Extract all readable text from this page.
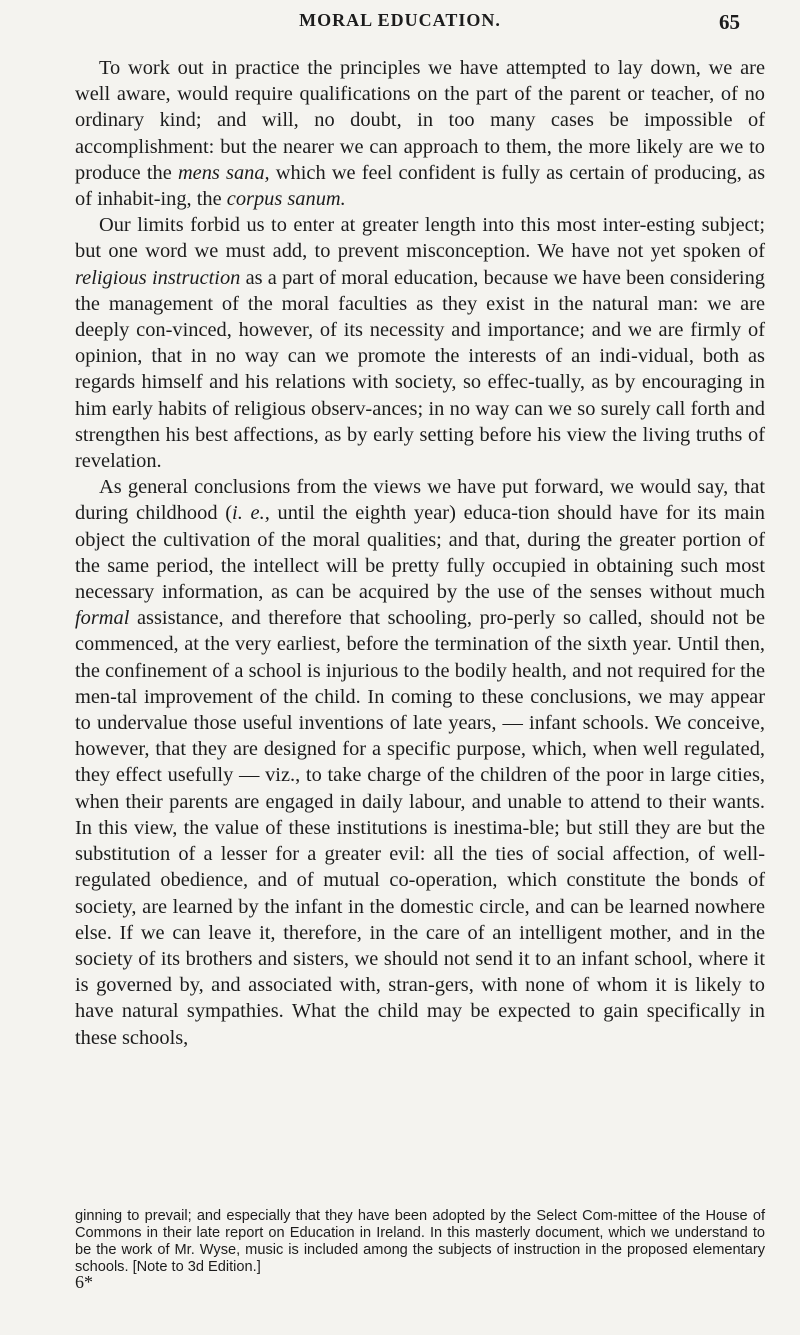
MORAL EDUCATION.	65

To work out in practice the principles we have attempted to lay down, we are well aware, would require qualifications on the part of the parent or teacher, of no ordinary kind; and will, no doubt, in too many cases be impossible of accomplishment: but the nearer we can approach to them, the more likely are we to produce the mens sana, which we feel confident is fully as certain of producing, as of inhabit-ing, the corpus sanum.

Our limits forbid us to enter at greater length into this most inter-esting subject; but one word we must add, to prevent misconception. We have not yet spoken of religious instruction as a part of moral education, because we have been considering the management of the moral faculties as they exist in the natural man: we are deeply con-vinced, however, of its necessity and importance; and we are firmly of opinion, that in no way can we promote the interests of an indi-vidual, both as regards himself and his relations with society, so effec-tually, as by encouraging in him early habits of religious observ-ances; in no way can we so surely call forth and strengthen his best affections, as by early setting before his view the living truths of revelation.

As general conclusions from the views we have put forward, we would say, that during childhood (i. e., until the eighth year) educa-tion should have for its main object the cultivation of the moral qualities; and that, during the greater portion of the same period, the intellect will be pretty fully occupied in obtaining such most necessary information, as can be acquired by the use of the senses without much formal assistance, and therefore that schooling, pro-perly so called, should not be commenced, at the very earliest, before the termination of the sixth year. Until then, the confinement of a school is injurious to the bodily health, and not required for the men-tal improvement of the child. In coming to these conclusions, we may appear to undervalue those useful inventions of late years, — infant schools. We conceive, however, that they are designed for a specific purpose, which, when well regulated, they effect usefully — viz., to take charge of the children of the poor in large cities, when their parents are engaged in daily labour, and unable to attend to their wants. In this view, the value of these institutions is inestima-ble; but still they are but the substitution of a lesser for a greater evil: all the ties of social affection, of well-regulated obedience, and of mutual co-operation, which constitute the bonds of society, are learned by the infant in the domestic circle, and can be learned nowhere else. If we can leave it, therefore, in the care of an intelligent mother, and in the society of its brothers and sisters, we should not send it to an infant school, where it is governed by, and associated with, stran-gers, with none of whom it is likely to have natural sympathies. What the child may be expected to gain specifically in these schools,

ginning to prevail; and especially that they have been adopted by the Select Com-mittee of the House of Commons in their late report on Education in Ireland. In this masterly document, which we understand to be the work of Mr. Wyse, music is included among the subjects of instruction in the proposed elementary schools. [Note to 3d Edition.]
6*
